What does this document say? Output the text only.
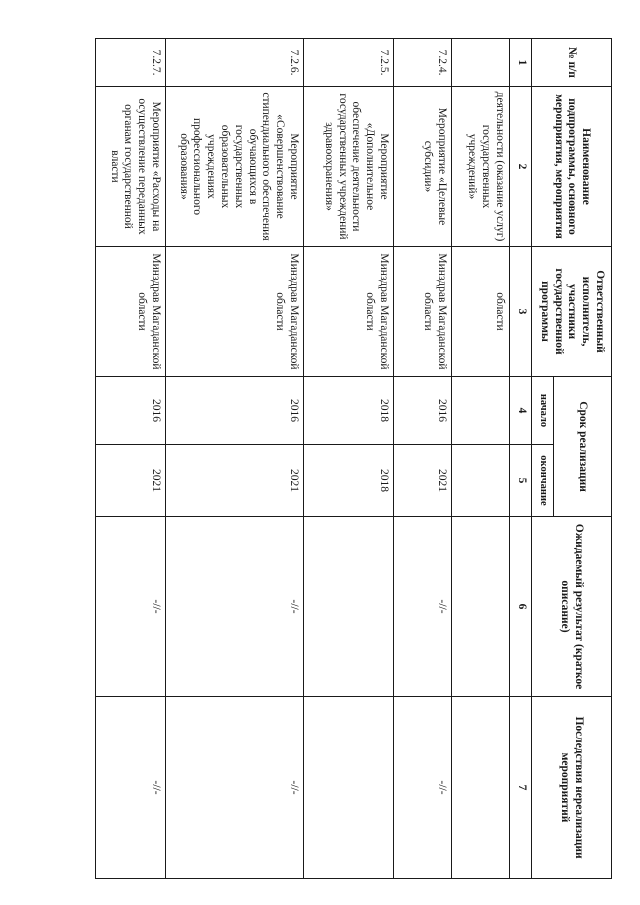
№ п/п	Наименование подпрограммы, основного мероприятия, мероприятия	Ответственный исполнитель, участники государственной программы	Срок реализации		Ожидаемый результат (краткое описание)	Последствия нереализации мероприятий
			начало	окончание		
1	2	3	4	5	6	7
	деятельности (оказание услуг) государственных учреждений»	области				
7.2.4.	Мероприятие «Целевые субсидии»	Минздрав Магаданской области	2016	2021	-//-	-//-
7.2.5.	Мероприятие «Дополнительное обеспечение деятельности государственных учреждений здравоохранения»	Минздрав Магаданской области	2018	2018		
7.2.6.	Мероприятие «Совершенствование стипендиального обеспечения обучающихся в государственных образовательных учреждениях профессионального образования»	Минздрав Магаданской области	2016	2021	-//-	-//-
7.2.7.	Мероприятие «Расходы на осуществление переданных органам государственной власти	Минздрав Магаданской области	2016	2021	-//-	-//-
